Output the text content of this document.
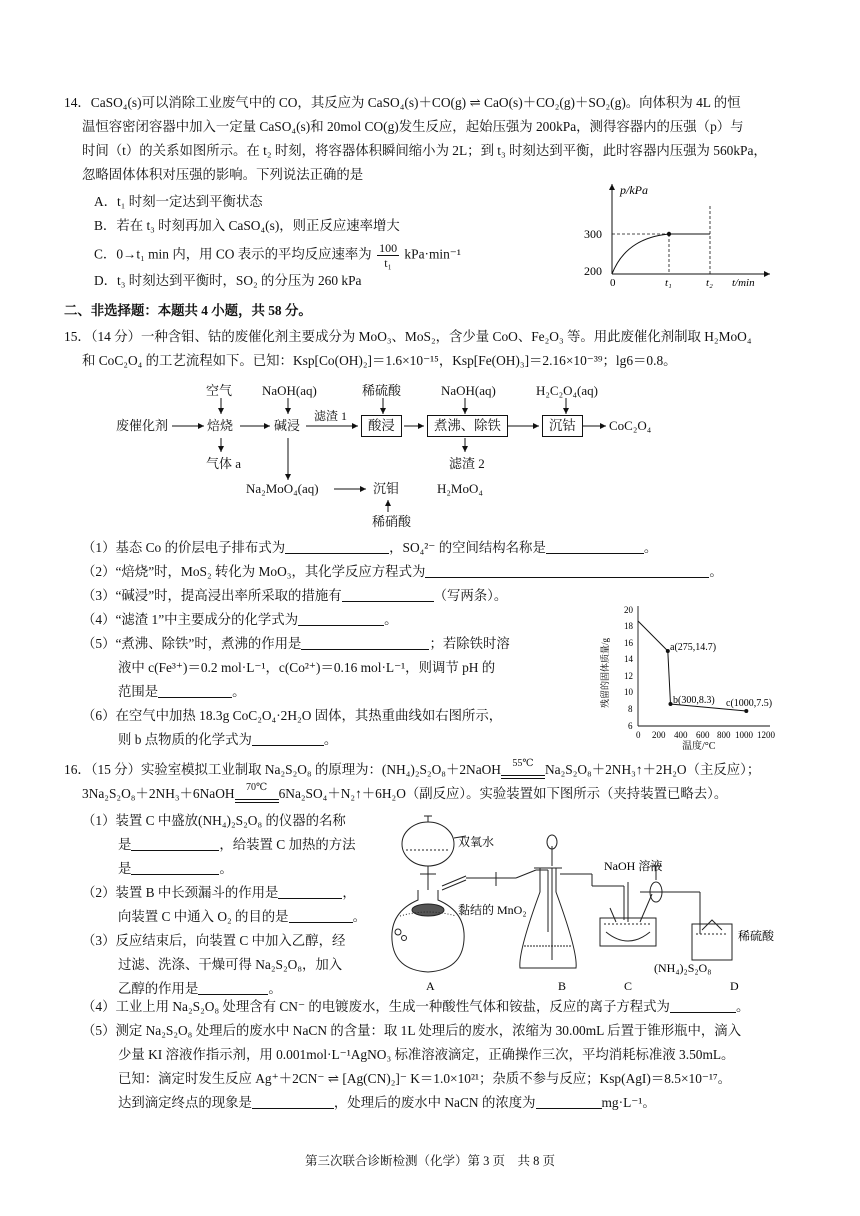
14．CaSO₄(s)可以消除工业废气中的 CO，其反应为 CaSO₄(s)＋CO(g) ⇌ CaO(s)＋CO₂(g)＋SO₂(g)。向体积为 4L 的恒
温恒容密闭容器中加入一定量 CaSO₄(s)和 20mol CO(g)发生反应，起始压强为 200kPa，测得容器内的压强（p）与
时间（t）的关系如图所示。在 t₂ 时刻，将容器体积瞬间缩小为 2L；到 t₃ 时刻达到平衡，此时容器内压强为 560kPa，
忽略固体体积对压强的影响。下列说法正确的是
A．t₁ 时刻一定达到平衡状态
B．若在 t₃ 时刻再加入 CaSO₄(s)，则正反应速率增大
C．0→t₁ min 内，用 CO 表示的平均反应速率为 $\frac{100}{\text{t₁}} kPa\cdot\min^{-1}$
D．t₃ 时刻达到平衡时，SO₂ 的分压为 260 kPa
p/kPa
300
200
0	t₁	t₂ t/min
二、非选择题：本题共 4 小题，共 58 分。
15．（14 分）一种含钼、钴的废催化剂主要成分为 MoO₃、MoS₂，含少量 CoO、Fe₂O₃ 等。用此废催化剂制取 H₂MoO₄
和 CoC₂O₄ 的工艺流程如下。已知：Ksp[Co(OH)₂]＝1.6×10⁻¹⁵，Ksp[Fe(OH)₃]＝2.16×10⁻³⁹；lg6＝0.8。
空气 NaOH(aq)	稀硫酸	NaOH(aq)	H₂C₂O₄(aq)
废催化剂	焙烧	碱浸
滤渣 1
酸浸	煮沸、除铁	沉钴	CoC₂O₄
气体 a	滤渣 2
Na₂MoO₄(aq)	沉钼	H₂MoO₄
稀硝酸
（1）基态 Co 的价层电子排布式为	，SO₄²⁻ 的空间结构名称是	。
（2）“焙烧”时，MoS₂ 转化为 MoO₃，其化学反应方程式为	。
（3）“碱浸”时，提高浸出率所采取的措施有	（写两条）。
（4）“滤渣 1”中主要成分的化学式为	。
（5）“煮沸、除铁”时，煮沸的作用是	；若除铁时溶
液中 c(Fe³⁺)＝0.2 mol·L⁻¹，c(Co²⁺)＝0.16 mol·L⁻¹，则调节 pH 的
范围是	。
（6）在空气中加热 18.3g CoC₂O₄·2H₂O 固体，其热重曲线如右图所示，
则 b 点物质的化学式为	。
20
18
16
14
12
10
8
6
0 200 400 600 800 1000 1200
a(275,14.7)
b(300,8.3) c(1000,7.5)
温度/°C
残留的固体质量/g
16．（15 分）实验室模拟工业制取 Na₂S₂O₈ 的原理为：(NH₄)₂S₂O₈＋2NaOH	55℃ Na₂S₂O₈＋2NH₃↑＋2H₂O（主反应）；
3Na₂S₂O₈＋2NH₃＋6NaOH	70℃ 6Na₂SO₄＋N₂↑＋6H₂O（副反应）。实验装置如下图所示（夹持装置已略去）。
（1）装置 C 中盛放(NH₄)₂S₂O₈ 的仪器的名称
是	，给装置 C 加热的方法
是	。
（2）装置 B 中长颈漏斗的作用是	，
向装置 C 中通入 O₂ 的目的是	。
（3）反应结束后，向装置 C 中加入乙醇，经
过滤、洗涤、干燥可得 Na₂S₂O₈，加入
乙醇的作用是	。
双氧水
黏结的 MnO₂
NaOH 溶液
(NH₄)₂S₂O₈
稀硫酸
A	B	C	D
（4）工业上用 Na₂S₂O₈ 处理含有 CN⁻ 的电镀废水，生成一种酸性气体和铵盐，反应的离子方程式为	。
（5）测定 Na₂S₂O₈ 处理后的废水中 NaCN 的含量：取 1L 处理后的废水，浓缩为 30.00mL 后置于锥形瓶中，滴入
少量 KI 溶液作指示剂，用 0.001mol·L⁻¹AgNO₃ 标准溶液滴定，正确操作三次，平均消耗标准液 3.50mL。
已知：滴定时发生反应 Ag⁺＋2CN⁻ ⇌ [Ag(CN)₂]⁻ K＝1.0×10²¹；杂质不参与反应；Ksp(AgI)＝8.5×10⁻¹⁷。
达到滴定终点的现象是	，处理后的废水中 NaCN 的浓度为	mg·L⁻¹。
第三次联合诊断检测（化学）第 3 页　共 8 页
